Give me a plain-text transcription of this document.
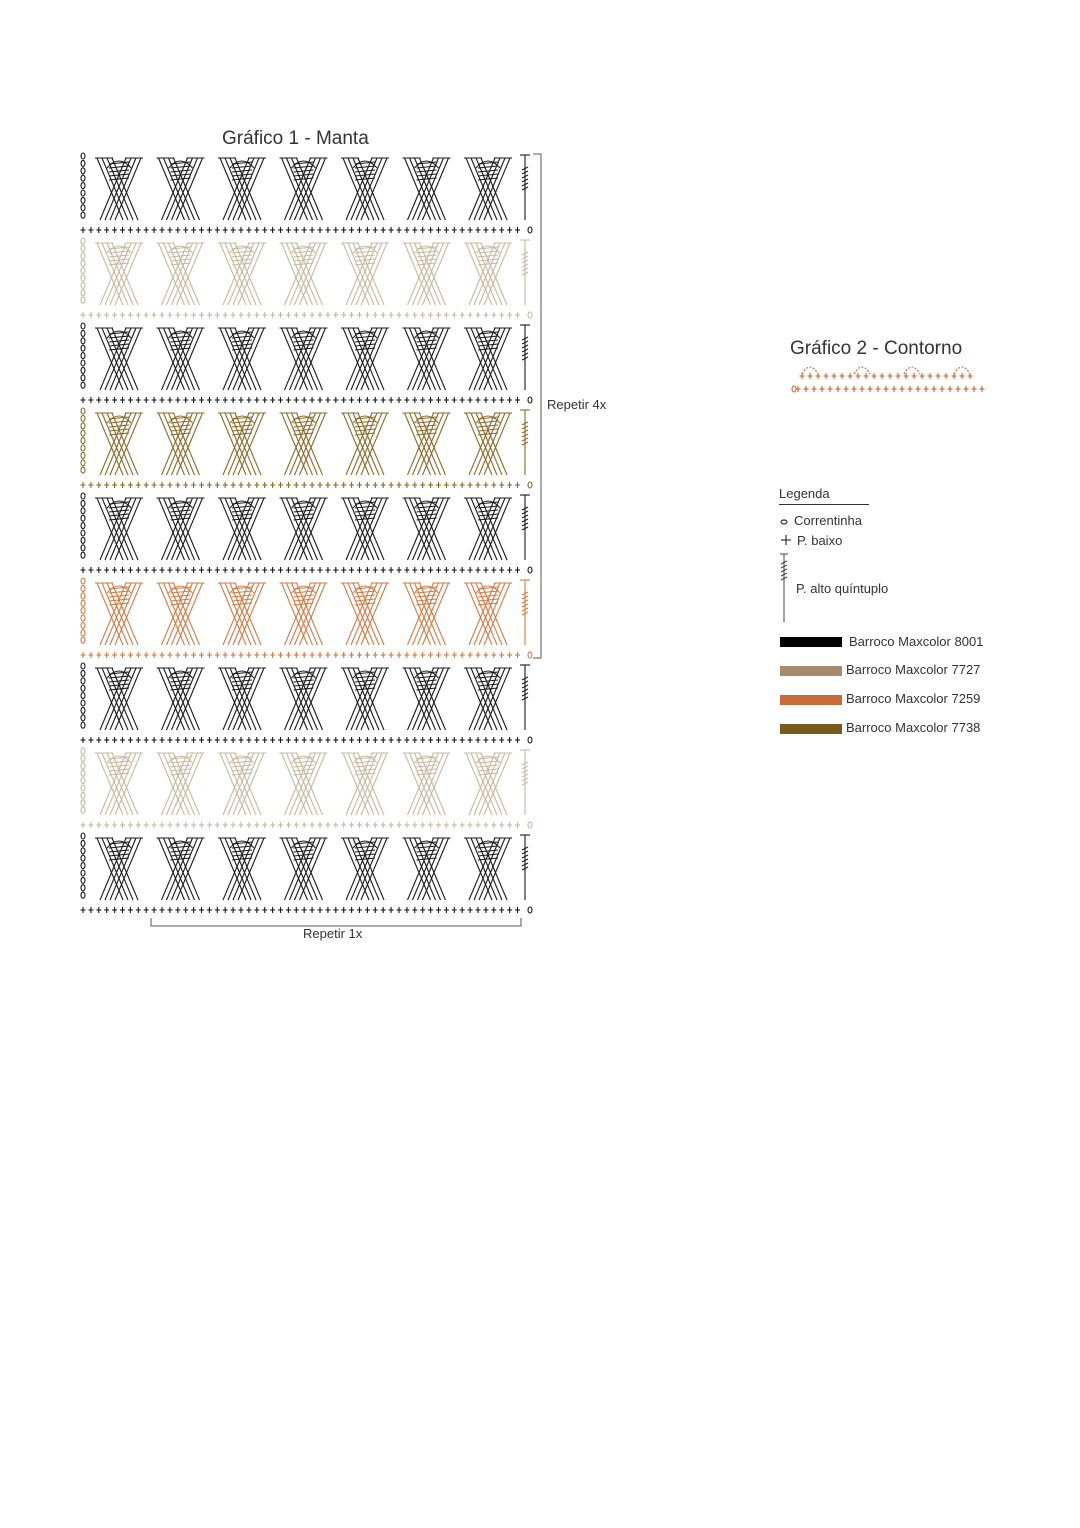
Gráfico 1 - Manta
Repetir 4x
Repetir 1x
Gráfico 2 - Contorno
Legenda
Correntinha
P. baixo
P. alto quíntuplo
Barroco Maxcolor 8001
Barroco Maxcolor 7727
Barroco Maxcolor 7259
Barroco Maxcolor 7738
